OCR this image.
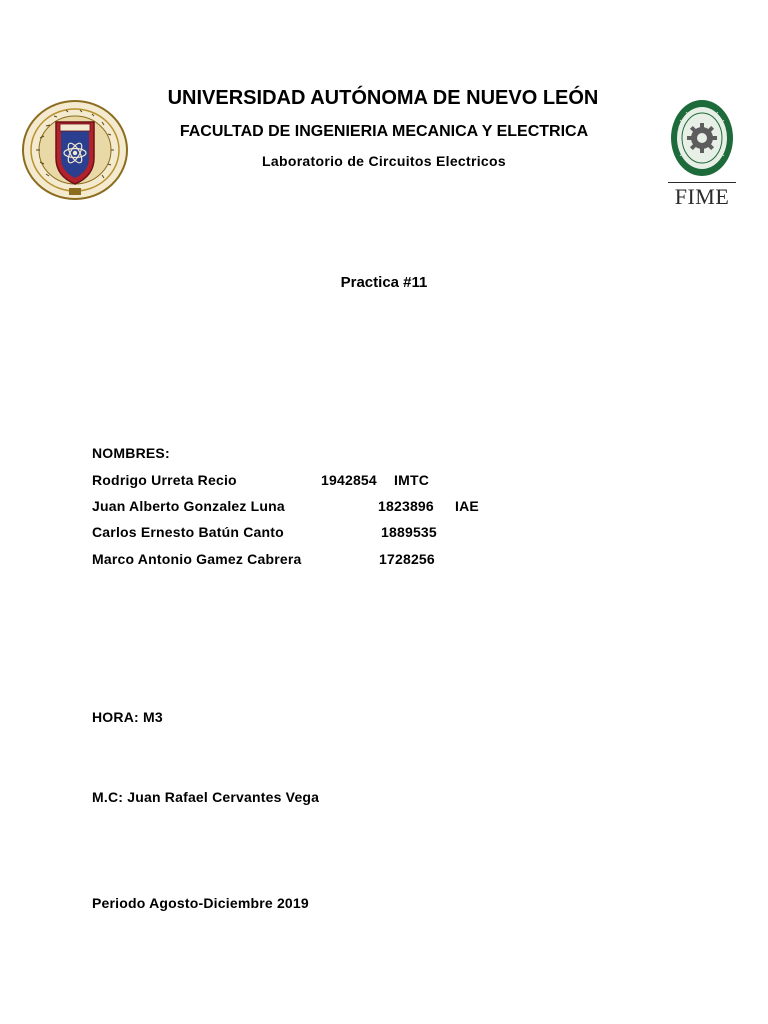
UNIVERSIDAD AUTÓNOMA DE NUEVO LEÓN
FACULTAD DE INGENIERIA MECANICA Y ELECTRICA
Laboratorio de Circuitos Electricos
FIME
Practica #11
NOMBRES:
Rodrigo Urreta Recio	1942854 IMTC
Juan Alberto Gonzalez Luna	1823896 IAE
Carlos Ernesto Batún Canto	1889535
Marco Antonio Gamez Cabrera	1728256
HORA: M3
M.C: Juan Rafael Cervantes Vega
Periodo Agosto-Diciembre 2019
